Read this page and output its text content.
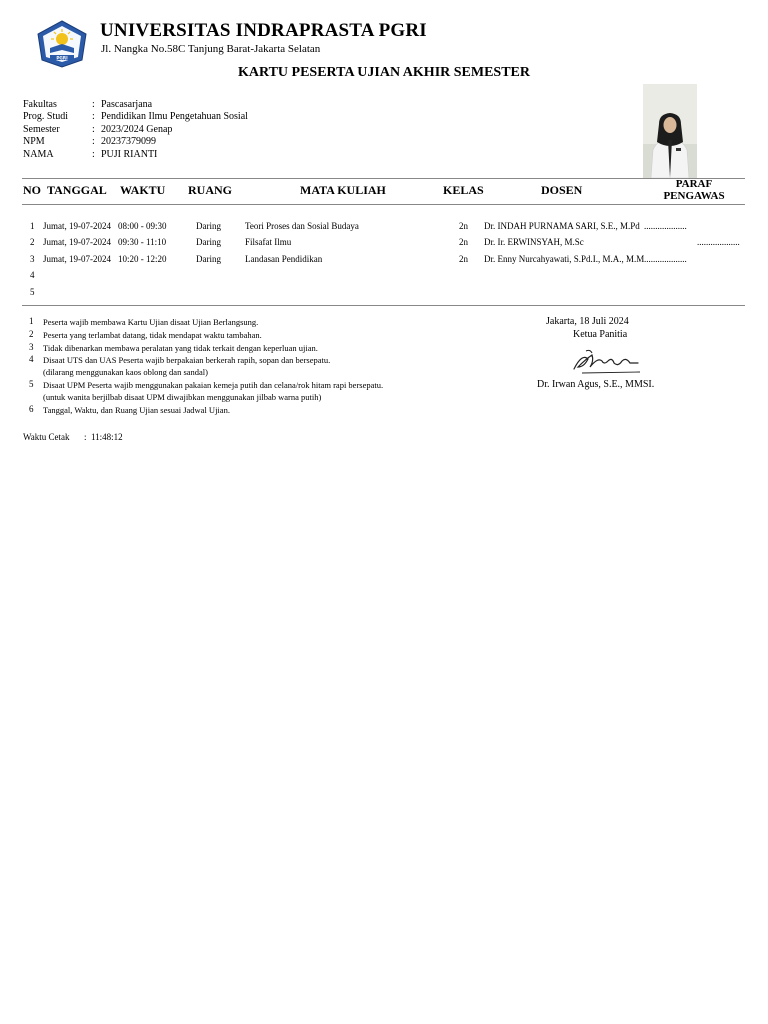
PGRI
UNIVERSITAS INDRAPRASTA PGRI
Jl. Nangka No.58C Tanjung Barat-Jakarta Selatan
KARTU PESERTA UJIAN AKHIR SEMESTER
Fakultas	: Pascasarjana
Prog. Studi : Pendidikan Ilmu Pengetahuan Sosial
Semester	: 2023/2024 Genap
NPM	: 20237379099
NAMA	: PUJI RIANTI
NO TANGGAL WAKTU RUANG	MATA KULIAH	KELAS	DOSEN	PARAF
PENGAWAS
1 Jumat, 19-07-2024 08:00 - 09:30	Daring	Teori Proses dan Sosial Budaya	2n Dr. INDAH PURNAMA SARI, S.E., M.Pd ...................
2 Jumat, 19-07-2024 09:30 - 11:10	Daring	Filsafat Ilmu	2n Dr. Ir. ERWINSYAH, M.Sc	...................
3 Jumat, 19-07-2024 10:20 - 12:20	Daring	Landasan Pendidikan	2n Dr. Enny Nurcahyawati, S.Pd.I., M.A., M.M ...................
4
5
1 Peserta wajib membawa Kartu Ujian disaat Ujian Berlangsung.
2 Peserta yang terlambat datang, tidak mendapat waktu tambahan.
3 Tidak dibenarkan membawa peralatan yang tidak terkait dengan keperluan ujian.
4 Disaat UTS dan UAS Peserta wajib berpakaian berkerah rapih, sopan dan bersepatu.
(dilarang menggunakan kaos oblong dan sandal)
5 Disaat UPM Peserta wajib menggunakan pakaian kemeja putih dan celana/rok hitam rapi bersepatu.
(untuk wanita berjilbab disaat UPM diwajibkan menggunakan jilbab warna putih)
6 Tanggal, Waktu, dan Ruang Ujian sesuai Jadwal Ujian.
Jakarta, 18 Juli 2024
Ketua Panitia
Dr. Irwan Agus, S.E., MMSI.
Waktu Cetak : 11:48:12
